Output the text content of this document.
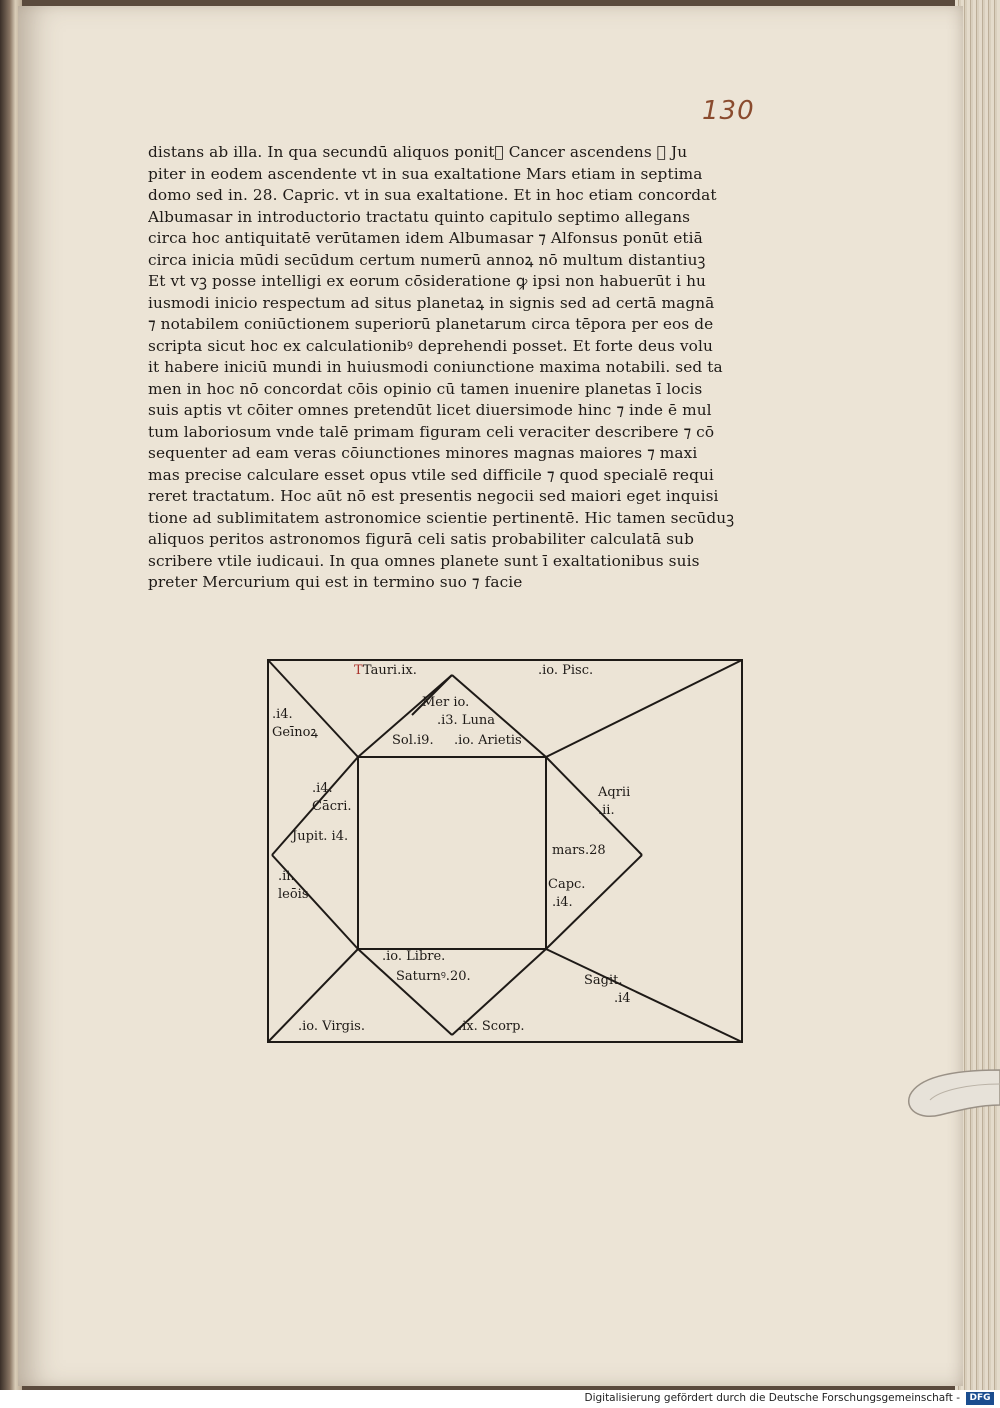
130
distans ab illa. In qua secundū aliquos ponit᷑ Cancer ascendens ꝫ Ju
piter in eodem ascendente vt in sua exaltatione Mars etiam in septima
domo sed in. 28. Capric. vt in sua exaltatione. Et in hoc etiam concordat
Albumasar in introductorio tractatu quinto capitulo septimo allegans
circa hoc antiquitatē verūtamen idem Albumasar ⁊ Alfonsus ponūt etiā
circa inicia mūdi secūdum certum numerū annoꝝ nō multum distantiuꝫ
Et vt vꝫ posse intelligi ex eorum cōsideratione ꝙ ipsi non habuerūt i hu
iusmodi inicio respectum ad situs planetaꝝ in signis sed ad certā magnā
⁊ notabilem coniūctionem superiorū planetarum circa tēpora per eos de
scripta sicut hoc ex calculationibꝰ deprehendi posset. Et forte deus volu
it habere iniciū mundi in huiusmodi coniunctione maxima notabili. sed ta
men in hoc nō concordat cōis opinio cū tamen inuenire planetas ī locis
suis aptis vt cōiter omnes pretendūt licet diuersimode hinc ⁊ inde ē mul
tum laboriosum vnde talē primam figuram celi veraciter describere ⁊ cō
sequenter ad eam veras cōiunctiones minores magnas maiores ⁊ maxi
mas precise calculare esset opus vtile sed difficile ⁊ quod specialē requi
reret tractatum. Hoc aūt nō est presentis negocii sed maiori eget inquisi
tione ad sublimitatem astronomice scientie pertinentē. Hic tamen secūduꝫ
aliquos peritos astronomos figurā celi satis probabiliter calculatā sub
scribere vtile iudicaui. In qua omnes planete sunt ī exaltationibus suis
preter Mercurium qui est in termino suo ⁊ facie
TTauri.ix.	.io. Pisc.
.i4.
Geīnoꝝ
Mer io.
.i3. Luna
Sol.i9. .io. Arietis
.i4.
Cācri.
Jupit. i4.
Aqrii
.ii.
mars.28
.ii.
leōis
Capc.
.i4.
.io. Libre.
Saturnꝰ.20.	Sagit.
.i4
.io. Virgis.	.ix. Scorp.
Digitalisierung gefördert durch die Deutsche Forschungsgemeinschaft -	DFG
